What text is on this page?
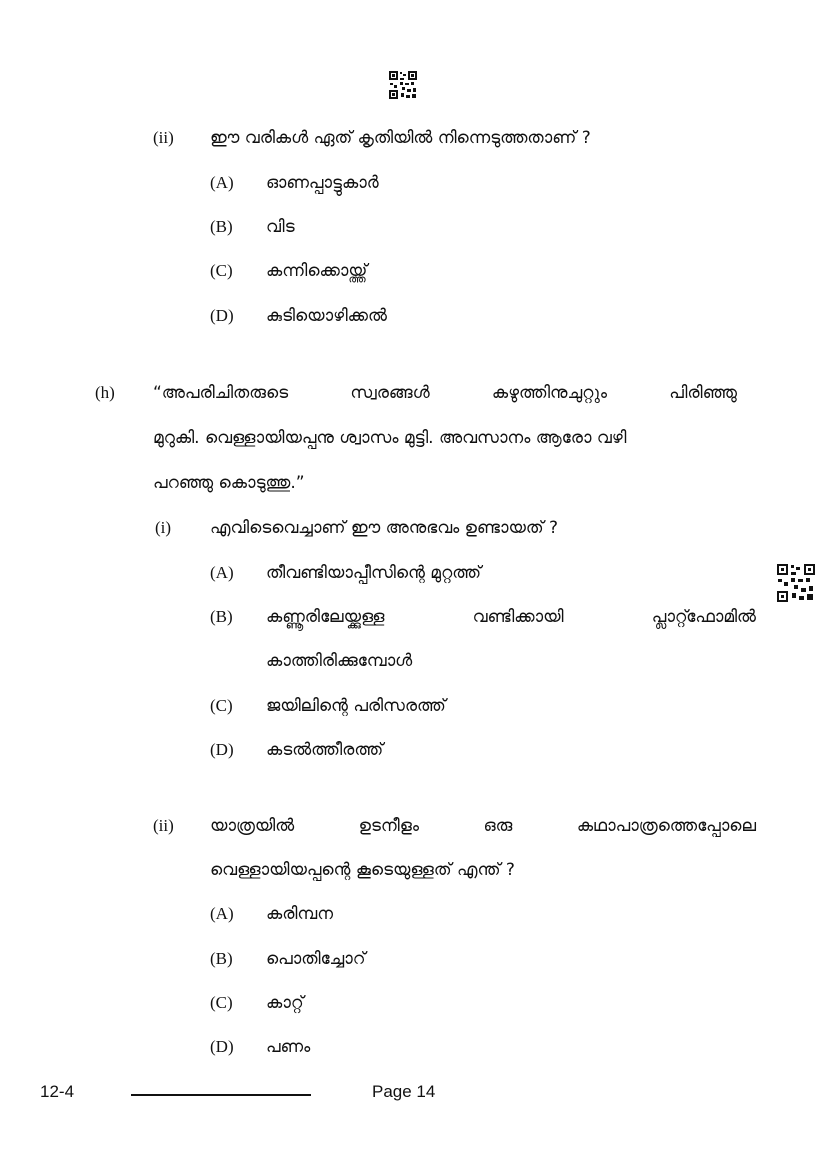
(ii) ഈ വരികൾ ഏത് കൃതിയിൽ നിന്നെടുത്തതാണ് ?
(A) ഓണപ്പാട്ടുകാർ
(B) വിട
(C) കന്നിക്കൊയ്ത്ത്
(D) കുടിയൊഴിക്കൽ
(h) “അപരിചിതരുടെ	സ്വരങ്ങൾ	കഴുത്തിനുചുറ്റും	പിരിഞ്ഞു
മുറുകി. വെള്ളായിയപ്പനു ശ്വാസം മുട്ടി. അവസാനം ആരോ വഴി
പറഞ്ഞു കൊടുത്തു.”
(i) എവിടെവെച്ചാണ് ഈ അനുഭവം ഉണ്ടായത് ?
(A) തീവണ്ടിയാപ്പീസിന്റെ മുറ്റത്ത്
(B) കണ്ണൂരിലേയ്ക്കുള്ള	വണ്ടിക്കായി	പ്ലാറ്റ്ഫോമിൽ
കാത്തിരിക്കുമ്പോൾ
(C) ജയിലിന്റെ പരിസരത്ത്
(D) കടൽത്തീരത്ത്
(ii) യാത്രയിൽ	ഉടനീളം	ഒരു	കഥാപാത്രത്തെപ്പോലെ
വെള്ളായിയപ്പന്റെ കൂടെയുള്ളത് എന്ത് ?
(A) കരിമ്പന
(B) പൊതിച്ചോറ്
(C) കാറ്റ്
(D) പണം
12-4	Page 14
